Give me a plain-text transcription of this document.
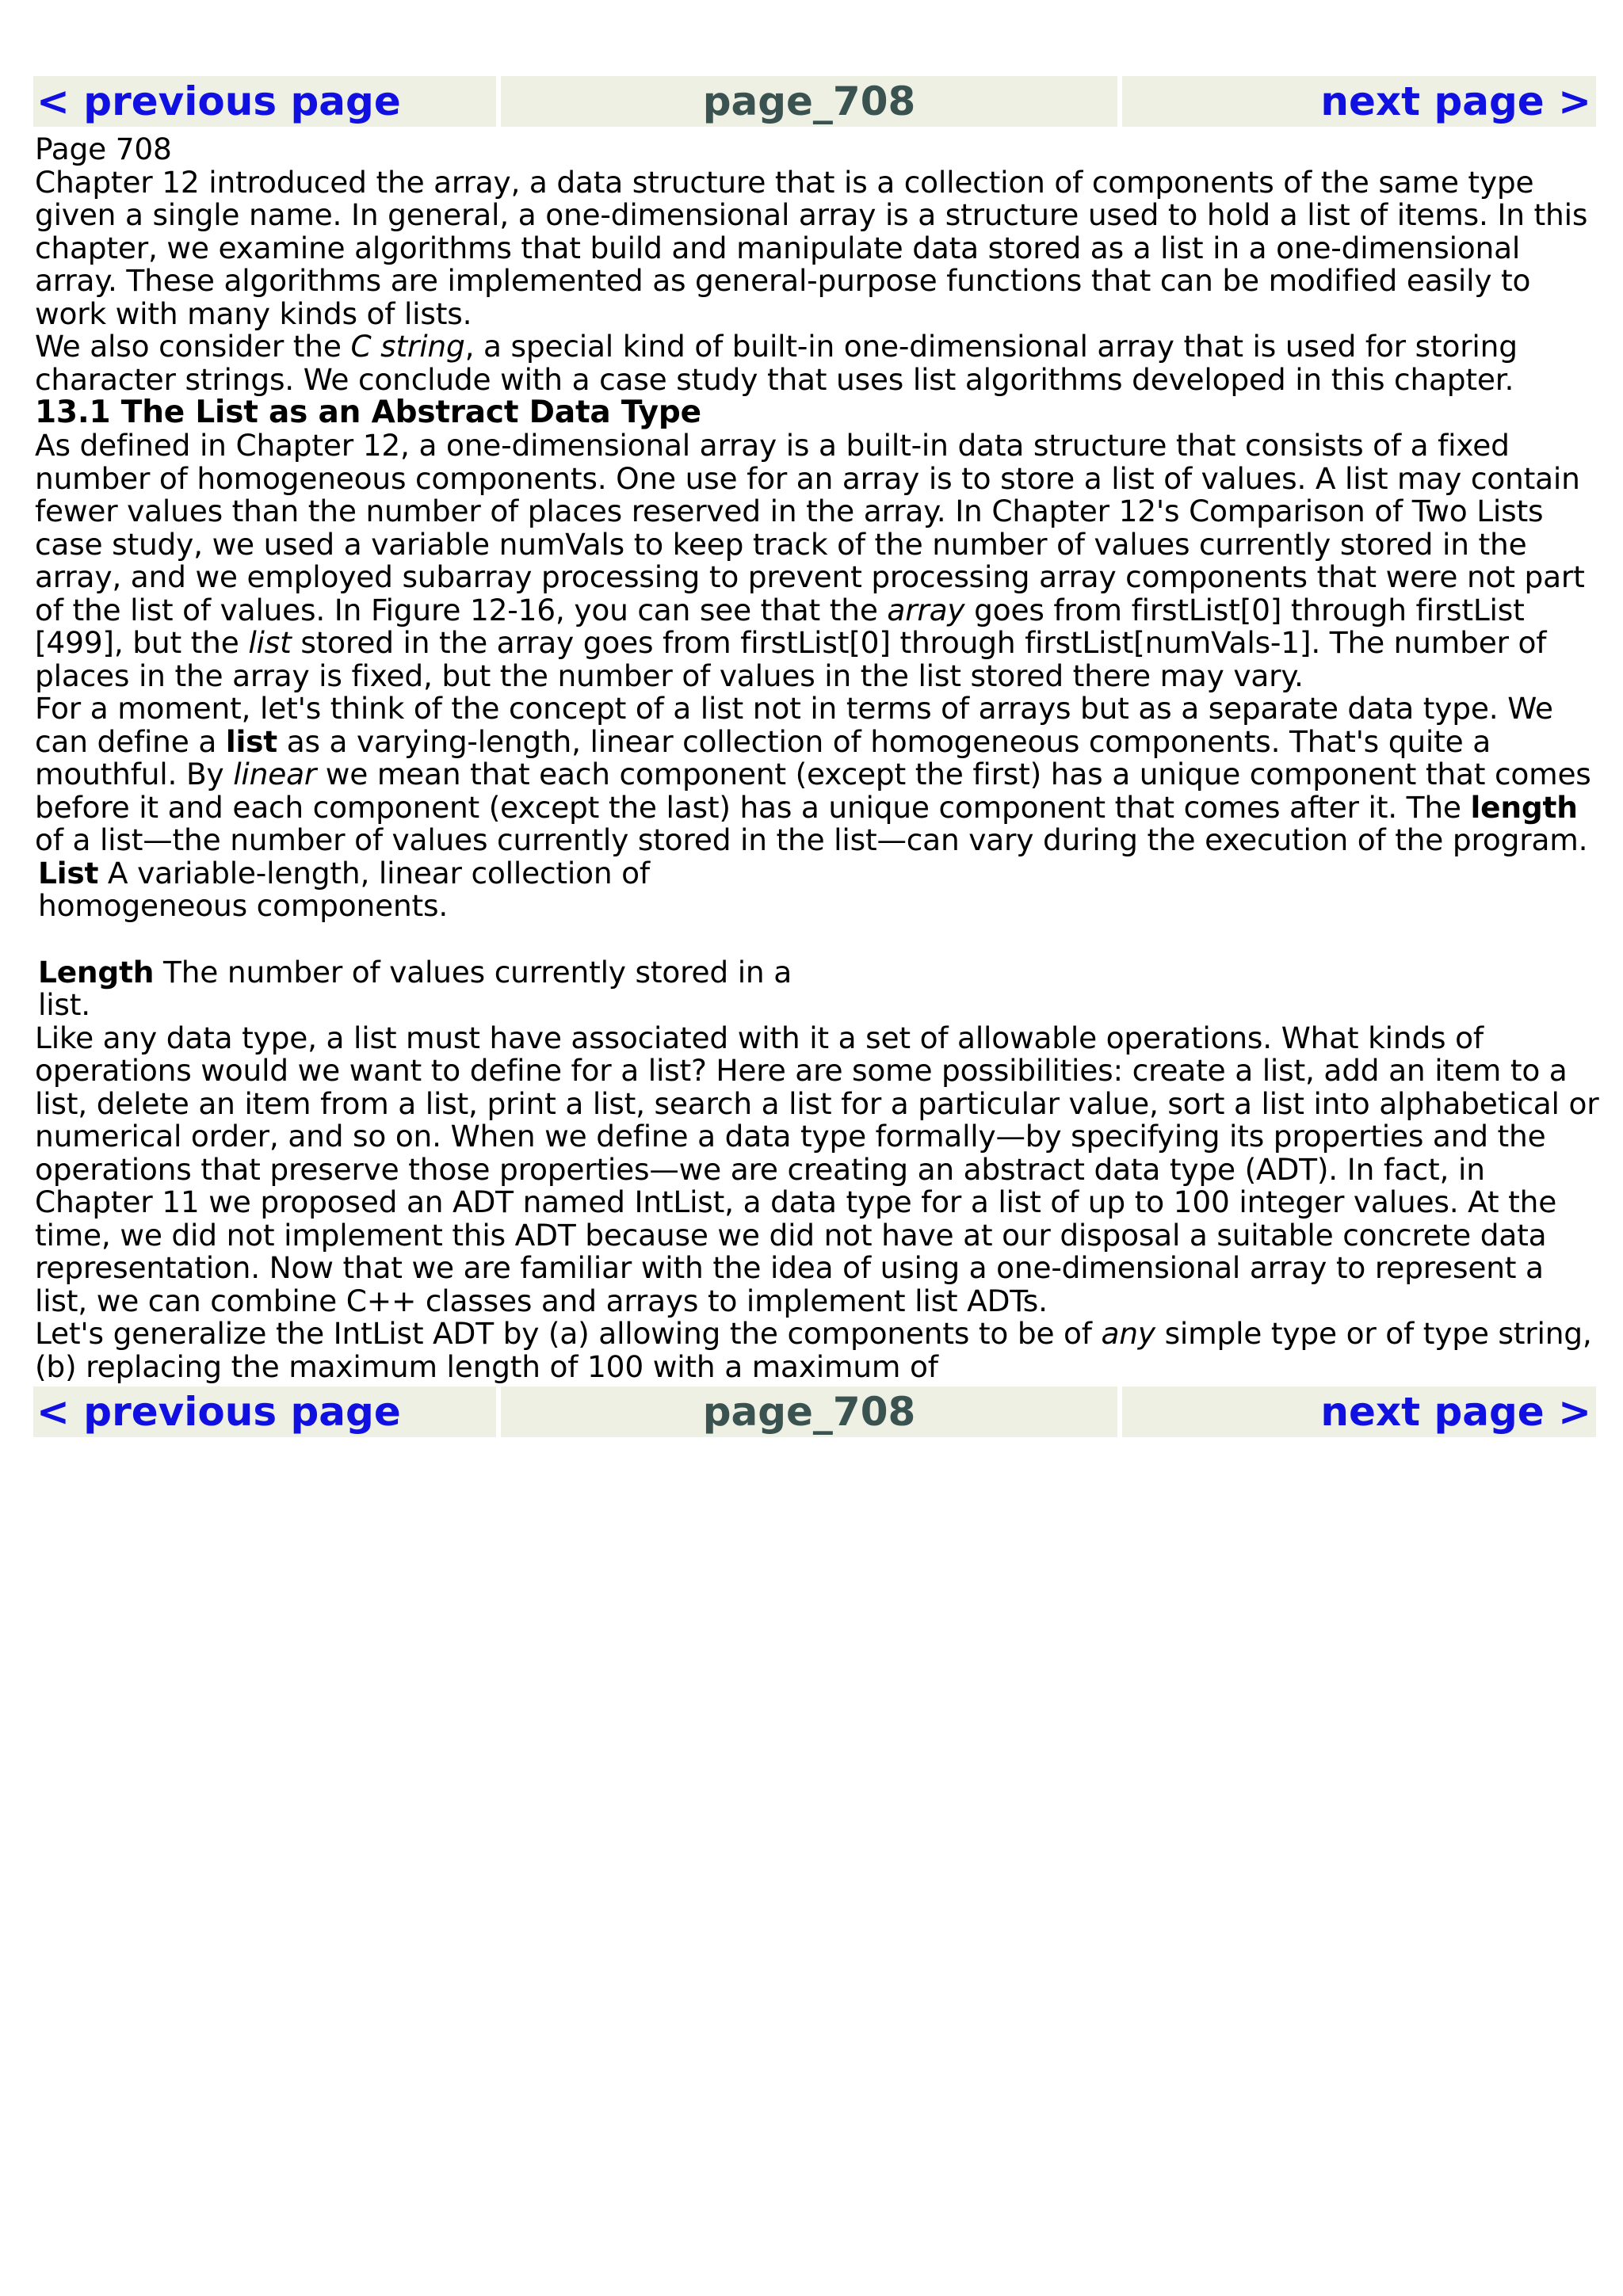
< previous page	page_708	next page >

Page 708

Chapter 12 introduced the array, a data structure that is a collection of components of the same type given a single name. In general, a one-dimensional array is a structure used to hold a list of items. In this chapter, we examine algorithms that build and manipulate data stored as a list in a one-dimensional array. These algorithms are implemented as general-purpose functions that can be modified easily to work with many kinds of lists.

We also consider the C string, a special kind of built-in one-dimensional array that is used for storing character strings. We conclude with a case study that uses list algorithms developed in this chapter.

13.1 The List as an Abstract Data Type

As defined in Chapter 12, a one-dimensional array is a built-in data structure that consists of a fixed number of homogeneous components. One use for an array is to store a list of values. A list may contain fewer values than the number of places reserved in the array. In Chapter 12's Comparison of Two Lists case study, we used a variable numVals to keep track of the number of values currently stored in the array, and we employed subarray processing to prevent processing array components that were not part of the list of values. In Figure 12-16, you can see that the array goes from firstList[0] through firstList [499], but the list stored in the array goes from firstList[0] through firstList[numVals-1]. The number of places in the array is fixed, but the number of values in the list stored there may vary.

For a moment, let's think of the concept of a list not in terms of arrays but as a separate data type. We can define a list as a varying-length, linear collection of homogeneous components. That's quite a mouthful. By linear we mean that each component (except the first) has a unique component that comes before it and each component (except the last) has a unique component that comes after it. The length of a list—the number of values currently stored in the list—can vary during the execution of the program.

List A variable-length, linear collection of homogeneous components.

Length The number of values currently stored in a list.

Like any data type, a list must have associated with it a set of allowable operations. What kinds of operations would we want to define for a list? Here are some possibilities: create a list, add an item to a list, delete an item from a list, print a list, search a list for a particular value, sort a list into alphabetical or numerical order, and so on. When we define a data type formally—by specifying its properties and the operations that preserve those properties—we are creating an abstract data type (ADT). In fact, in Chapter 11 we proposed an ADT named IntList, a data type for a list of up to 100 integer values. At the time, we did not implement this ADT because we did not have at our disposal a suitable concrete data representation. Now that we are familiar with the idea of using a one-dimensional array to represent a list, we can combine C++ classes and arrays to implement list ADTs.

Let's generalize the IntList ADT by (a) allowing the components to be of any simple type or of type string, (b) replacing the maximum length of 100 with a maximum of

< previous page	page_708	next page >
